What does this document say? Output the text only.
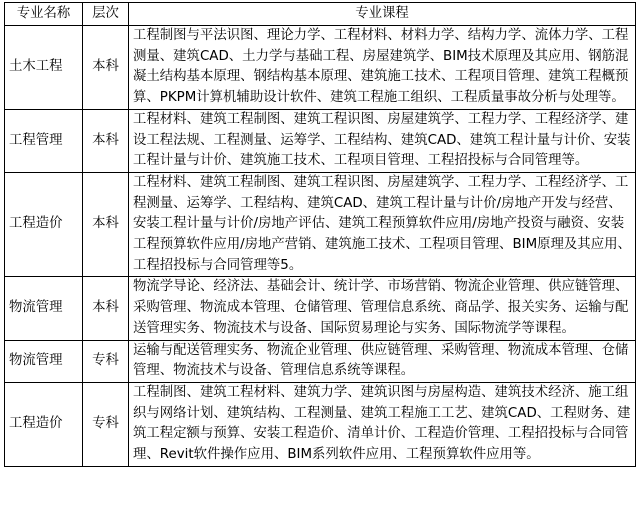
专业名称	层次	专业课程
土木工程	本科	工程制图与平法识图、理论力学、工程材料、材料力学、结构力学、流体力学、工程测量、建筑CAD、土力学与基础工程、房屋建筑学、BIM技术原理及其应用、钢筋混凝土结构基本原理、钢结构基本原理、建筑施工技术、工程项目管理、建筑工程概预算、PKPM计算机辅助设计软件、建筑工程施工组织、工程质量事故分析与处理等。
工程管理	本科	工程材料、建筑工程制图、建筑工程识图、房屋建筑学、工程力学、工程经济学、建设工程法规、工程测量、运筹学、工程结构、建筑CAD、建筑工程计量与计价、安装工程计量与计价、建筑施工技术、工程项目管理、工程招投标与合同管理等。
工程造价	本科	工程材料、建筑工程制图、建筑工程识图、房屋建筑学、工程力学、工程经济学、工程测量、运筹学、工程结构、建筑CAD、建筑工程计量与计价/房地产开发与经营、安装工程计量与计价/房地产评估、建筑工程预算软件应用/房地产投资与融资、安装工程预算软件应用/房地产营销、建筑施工技术、工程项目管理、BIM原理及其应用、工程招投标与合同管理等5。
物流管理	本科	物流学导论、经济法、基础会计、统计学、市场营销、物流企业管理、供应链管理、采购管理、物流成本管理、仓储管理、管理信息系统、商品学、报关实务、运输与配送管理实务、物流技术与设备、国际贸易理论与实务、国际物流学等课程。
物流管理	专科	运输与配送管理实务、物流企业管理、供应链管理、采购管理、物流成本管理、仓储管理、物流技术与设备、管理信息系统等课程。
工程造价	专科	工程制图、建筑工程材料、建筑力学、建筑识图与房屋构造、建筑技术经济、施工组织与网络计划、建筑结构、工程测量、建筑工程施工工艺、建筑CAD、工程财务、建筑工程定额与预算、安装工程造价、清单计价、工程造价管理、工程招投标与合同管理、Revit软件操作应用、BIM系列软件应用、工程预算软件应用等。
